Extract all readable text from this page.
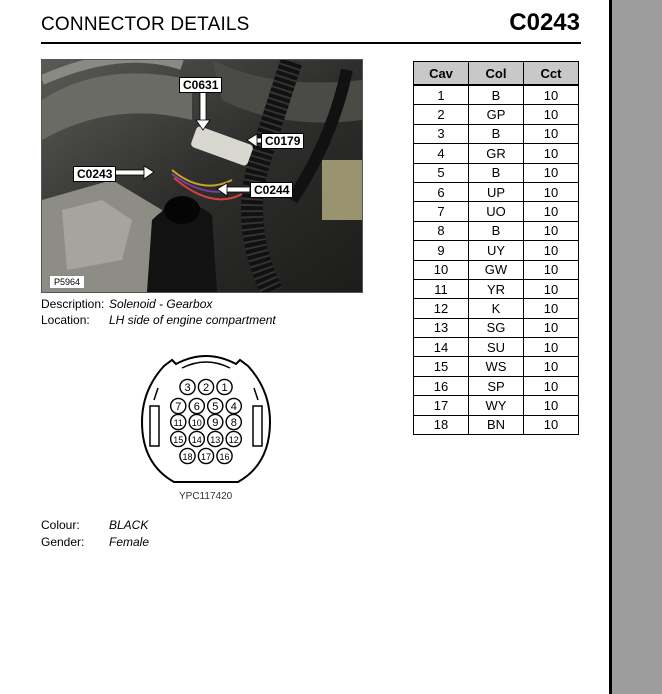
CONNECTOR DETAILS	C0243
C0631
C0179
C0243
C0244
P5964
Description: Solenoid - Gearbox
Location: LH side of engine compartment
3 2 1
7 6 5 4
11 10 9 8
15 14 13 12
18 17 16
YPC117420
Colour: BLACK
Gender: Female
Cav	Col	Cct
1	B	10
2	GP	10
3	B	10
4	GR	10
5	B	10
6	UP	10
7	UO	10
8	B	10
9	UY	10
10	GW	10
11	YR	10
12	K	10
13	SG	10
14	SU	10
15	WS	10
16	SP	10
17	WY	10
18	BN	10
